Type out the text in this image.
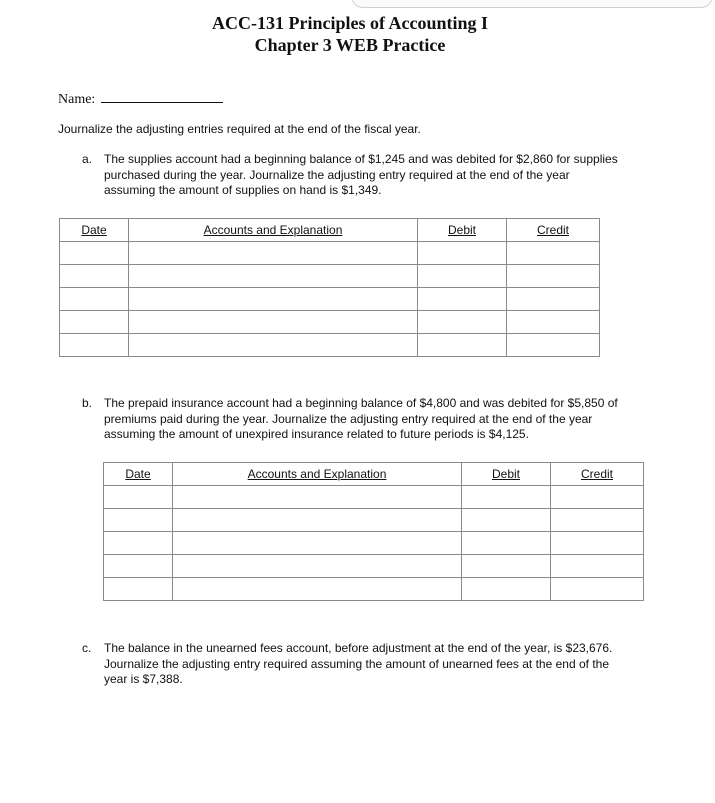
ACC-131 Principles of Accounting I
Chapter 3 WEB Practice
Name:
Journalize the adjusting entries required at the end of the fiscal year.
a. The supplies account had a beginning balance of $1,245 and was debited for $2,860 for supplies
purchased during the year. Journalize the adjusting entry required at the end of the year
assuming the amount of supplies on hand is $1,349.
Date	Accounts and Explanation	Debit	Credit

b. The prepaid insurance account had a beginning balance of $4,800 and was debited for $5,850 of
premiums paid during the year. Journalize the adjusting entry required at the end of the year
assuming the amount of unexpired insurance related to future periods is $4,125.
Date	Accounts and Explanation	Debit	Credit

c. The balance in the unearned fees account, before adjustment at the end of the year, is $23,676.
Journalize the adjusting entry required assuming the amount of unearned fees at the end of the
year is $7,388.
